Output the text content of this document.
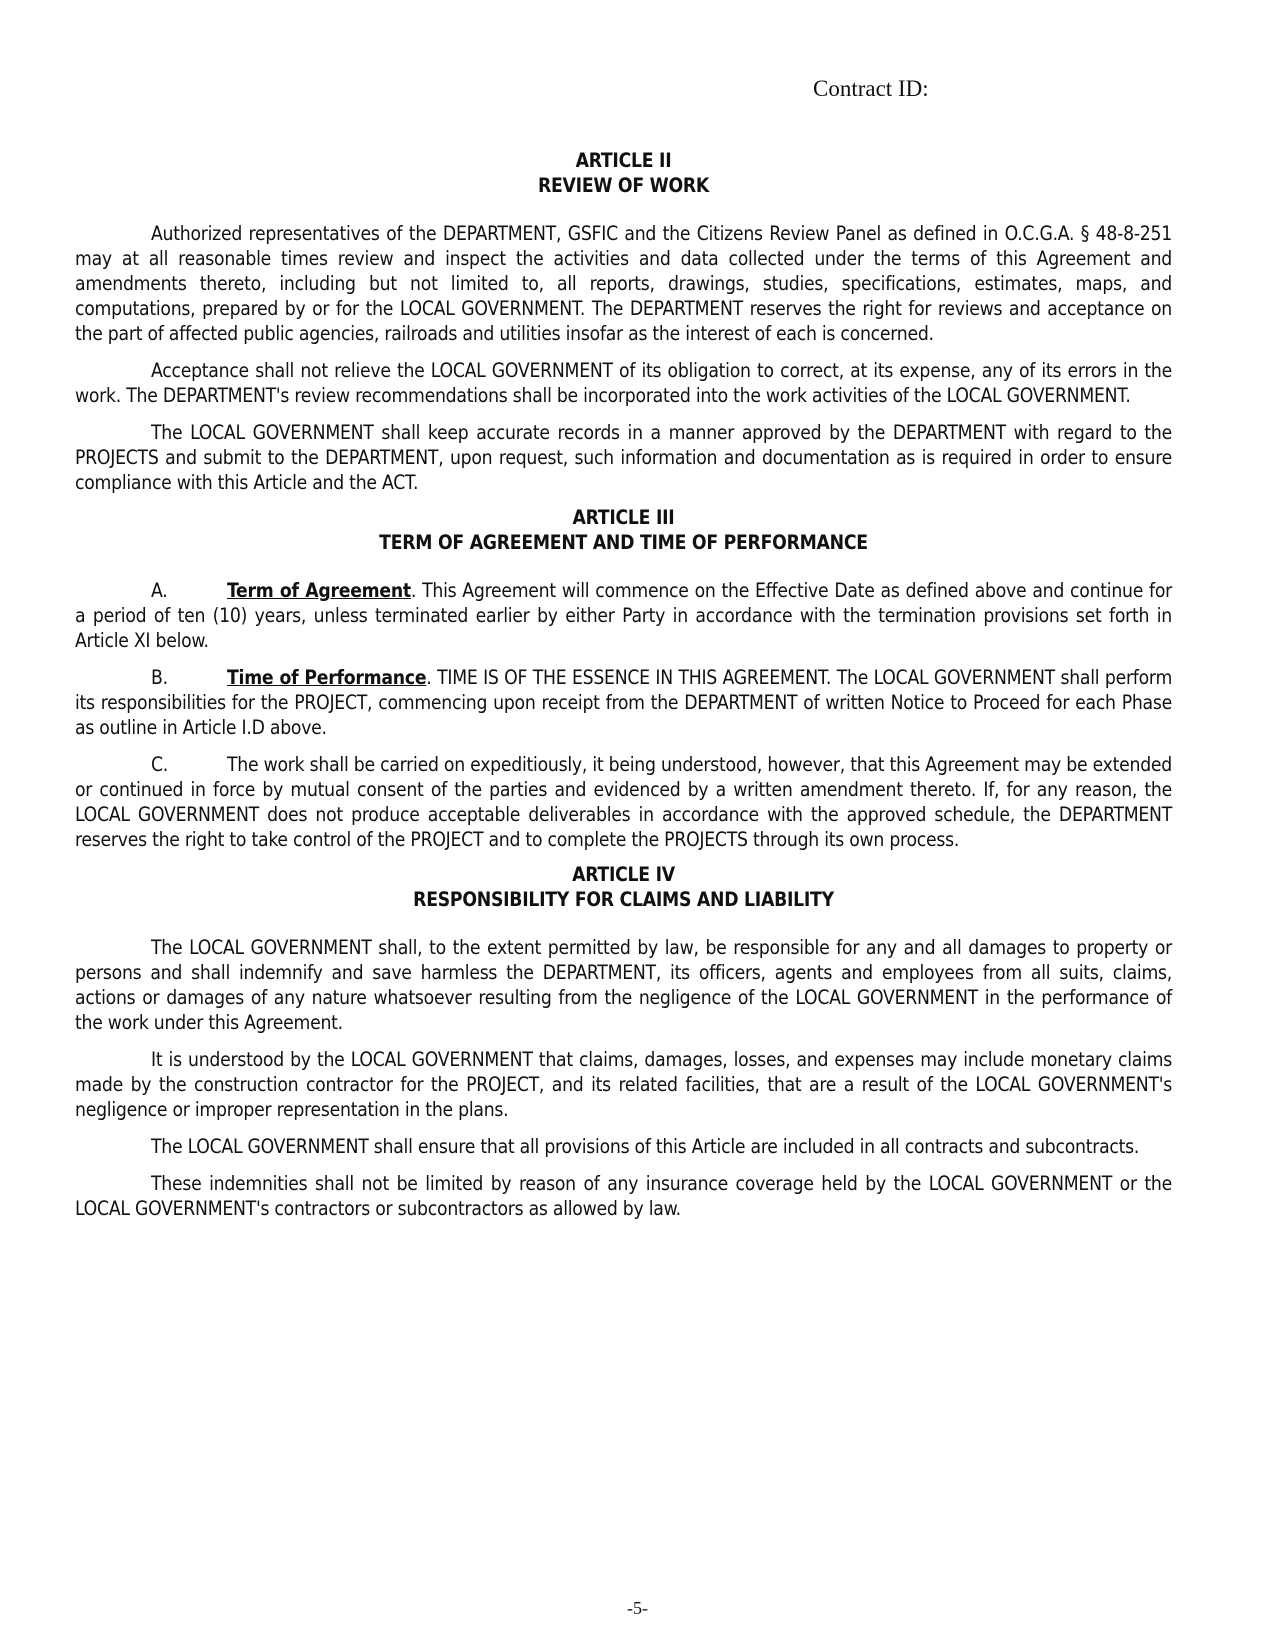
Contract ID:
ARTICLE II
REVIEW OF WORK

Authorized representatives of the DEPARTMENT, GSFIC and the Citizens Review Panel as defined in O.C.G.A. § 48-8-251 may at all reasonable times review and inspect the activities and data collected under the terms of this Agreement and amendments thereto, including but not limited to, all reports, drawings, studies, specifications, estimates, maps, and computations, prepared by or for the LOCAL GOVERNMENT. The DEPARTMENT reserves the right for reviews and acceptance on the part of affected public agencies, railroads and utilities insofar as the interest of each is concerned.

Acceptance shall not relieve the LOCAL GOVERNMENT of its obligation to correct, at its expense, any of its errors in the work. The DEPARTMENT's review recommendations shall be incorporated into the work activities of the LOCAL GOVERNMENT.

The LOCAL GOVERNMENT shall keep accurate records in a manner approved by the DEPARTMENT with regard to the PROJECTS and submit to the DEPARTMENT, upon request, such information and documentation as is required in order to ensure compliance with this Article and the ACT.

ARTICLE III
TERM OF AGREEMENT AND TIME OF PERFORMANCE

A.	Term of Agreement. This Agreement will commence on the Effective Date as defined above and continue for a period of ten (10) years, unless terminated earlier by either Party in accordance with the termination provisions set forth in Article XI below.

B.	Time of Performance. TIME IS OF THE ESSENCE IN THIS AGREEMENT. The LOCAL GOVERNMENT shall perform its responsibilities for the PROJECT, commencing upon receipt from the DEPARTMENT of written Notice to Proceed for each Phase as outline in Article I.D above.

C.	The work shall be carried on expeditiously, it being understood, however, that this Agreement may be extended or continued in force by mutual consent of the parties and evidenced by a written amendment thereto. If, for any reason, the LOCAL GOVERNMENT does not produce acceptable deliverables in accordance with the approved schedule, the DEPARTMENT reserves the right to take control of the PROJECT and to complete the PROJECTS through its own process.

ARTICLE IV
RESPONSIBILITY FOR CLAIMS AND LIABILITY

The LOCAL GOVERNMENT shall, to the extent permitted by law, be responsible for any and all damages to property or persons and shall indemnify and save harmless the DEPARTMENT, its officers, agents and employees from all suits, claims, actions or damages of any nature whatsoever resulting from the negligence of the LOCAL GOVERNMENT in the performance of the work under this Agreement.

It is understood by the LOCAL GOVERNMENT that claims, damages, losses, and expenses may include monetary claims made by the construction contractor for the PROJECT, and its related facilities, that are a result of the LOCAL GOVERNMENT's negligence or improper representation in the plans.

The LOCAL GOVERNMENT shall ensure that all provisions of this Article are included in all contracts and subcontracts.

These indemnities shall not be limited by reason of any insurance coverage held by the LOCAL GOVERNMENT or the LOCAL GOVERNMENT's contractors or subcontractors as allowed by law.

-5-
